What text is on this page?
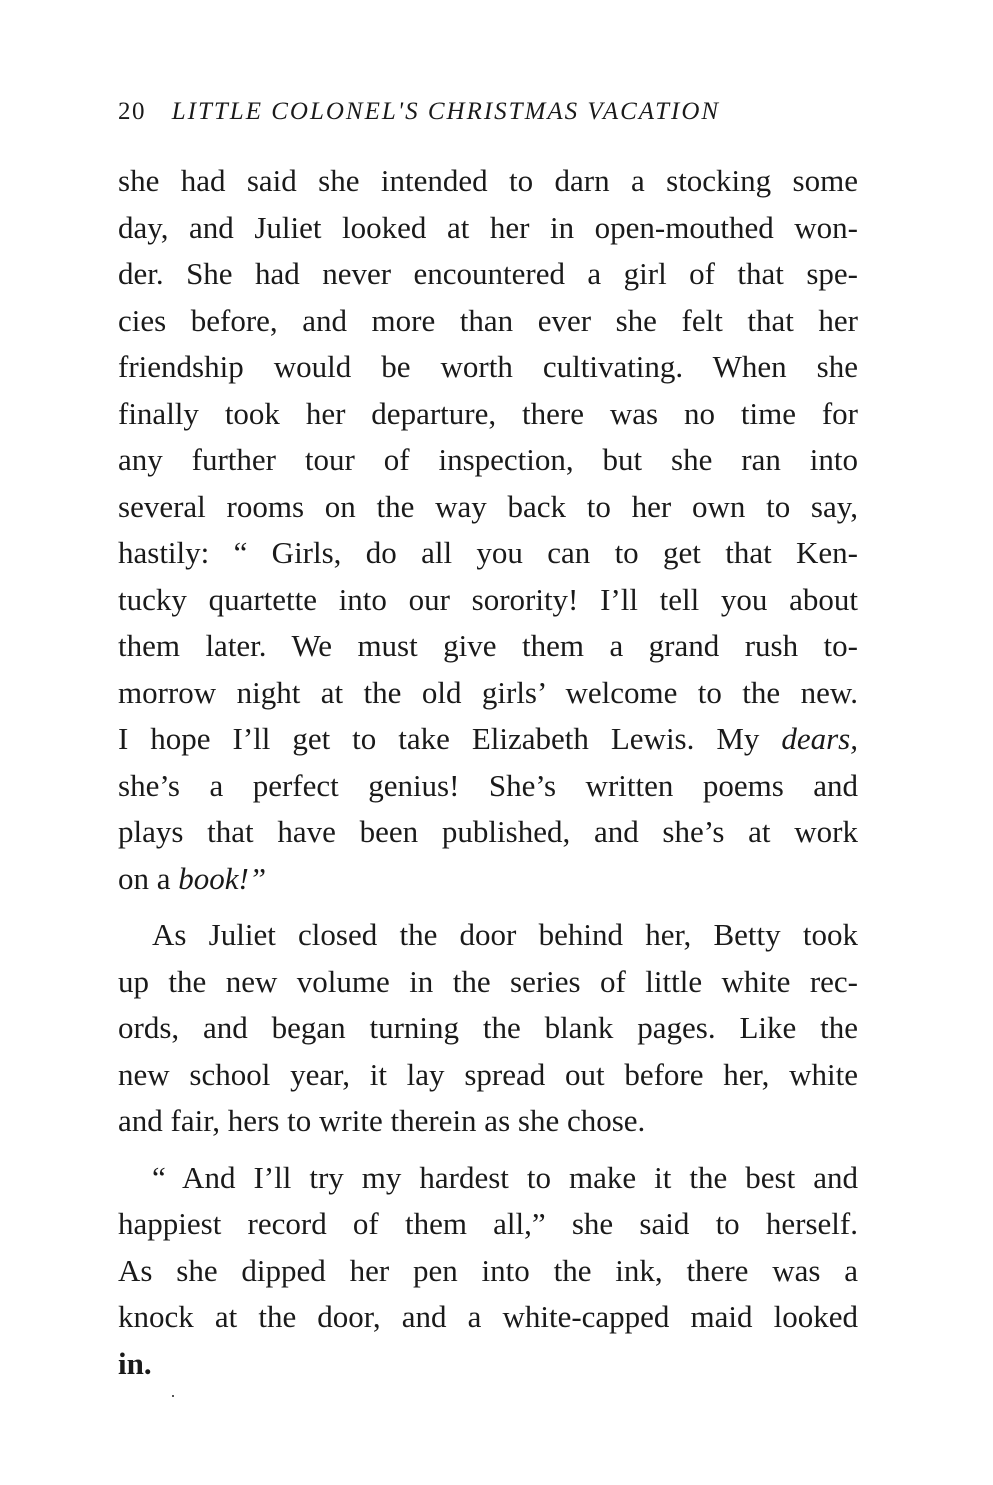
20 LITTLE COLONEL'S CHRISTMAS VACATION
she had said she intended to darn a stocking some
day, and Juliet looked at her in open-mouthed won-
der. She had never encountered a girl of that spe-
cies before, and more than ever she felt that her
friendship would be worth cultivating. When she
finally took her departure, there was no time for
any further tour of inspection, but she ran into
several rooms on the way back to her own to say,
hastily: “ Girls, do all you can to get that Ken-
tucky quartette into our sorority! I’ll tell you about
them later. We must give them a grand rush to-
morrow night at the old girls’ welcome to the new.
I hope I’ll get to take Elizabeth Lewis. My dears,
she’s a perfect genius! She’s written poems and
plays that have been published, and she’s at work
on a book!”
As Juliet closed the door behind her, Betty took
up the new volume in the series of little white rec-
ords, and began turning the blank pages. Like the
new school year, it lay spread out before her, white
and fair, hers to write therein as she chose.
“ And I’ll try my hardest to make it the best and
happiest record of them all,” she said to herself.
As she dipped her pen into the ink, there was a
knock at the door, and a white-capped maid looked
in.
